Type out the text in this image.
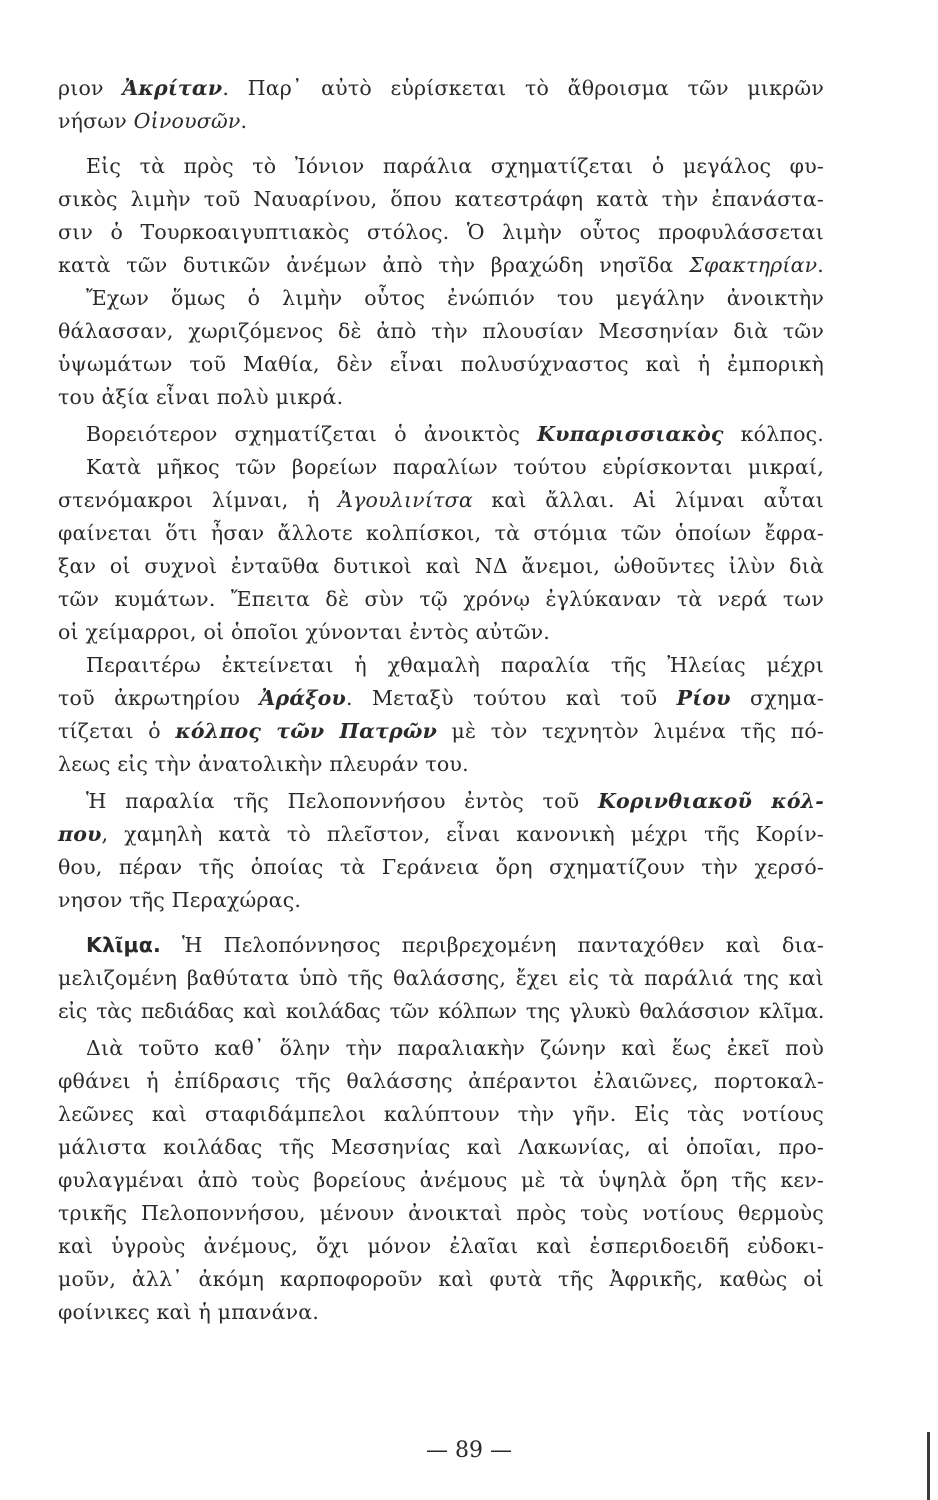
ριον Ἀκρίταν. Παρ᾿ αὐτὸ εὑρίσκεται τὸ ἄθροισμα τῶν μικρῶν
νήσων Οἰνουσῶν.
Εἰς τὰ πρὸς τὸ Ἰόνιον παράλια σχηματίζεται ὁ μεγάλος φυ-
σικὸς λιμὴν τοῦ Ναυαρίνου, ὅπου κατεστράφη κατὰ τὴν ἐπανάστα-
σιν ὁ Τουρκοαιγυπτιακὸς στόλος. Ὁ λιμὴν οὗτος προφυλάσσεται
κατὰ τῶν δυτικῶν ἀνέμων ἀπὸ τὴν βραχώδη νησῖδα Σφακτηρίαν.
Ἔχων ὅμως ὁ λιμὴν οὗτος ἐνώπιόν του μεγάλην ἀνοικτὴν
θάλασσαν, χωριζόμενος δὲ ἀπὸ τὴν πλουσίαν Μεσσηνίαν διὰ τῶν
ὑψωμάτων τοῦ Μαθία, δὲν εἶναι πολυσύχναστος καὶ ἡ ἐμπορικὴ
του ἀξία εἶναι πολὺ μικρά.
Βορειότερον σχηματίζεται ὁ ἀνοικτὸς Κυπαρισσιακὸς κόλπος.
Κατὰ μῆκος τῶν βορείων παραλίων τούτου εὑρίσκονται μικραί,
στενόμακροι λίμναι, ἡ Ἀγουλινίτσα καὶ ἄλλαι. Αἱ λίμναι αὗται
φαίνεται ὅτι ἦσαν ἄλλοτε κολπίσκοι, τὰ στόμια τῶν ὁποίων ἔφρα-
ξαν οἱ συχνοὶ ἐνταῦθα δυτικοὶ καὶ ΝΔ ἄνεμοι, ὠθοῦντες ἰλὺν διὰ
τῶν κυμάτων. Ἔπειτα δὲ σὺν τῷ χρόνῳ ἐγλύκαναν τὰ νερά των
οἱ χείμαρροι, οἱ ὁποῖοι χύνονται ἐντὸς αὐτῶν.
Περαιτέρω ἐκτείνεται ἡ χθαμαλὴ παραλία τῆς Ἠλείας μέχρι
τοῦ ἀκρωτηρίου Ἀράξου. Μεταξὺ τούτου καὶ τοῦ Ρίου σχημα-
τίζεται ὁ κόλπος τῶν Πατρῶν μὲ τὸν τεχνητὸν λιμένα τῆς πό-
λεως εἰς τὴν ἀνατολικὴν πλευράν του.
Ἡ παραλία τῆς Πελοποννήσου ἐντὸς τοῦ Κορινθιακοῦ κόλ-
που, χαμηλὴ κατὰ τὸ πλεῖστον, εἶναι κανονικὴ μέχρι τῆς Κορίν-
θου, πέραν τῆς ὁποίας τὰ Γεράνεια ὄρη σχηματίζουν τὴν χερσό-
νησον τῆς Περαχώρας.
Κλῖμα. Ἡ Πελοπόννησος περιβρεχομένη πανταχόθεν καὶ δια-
μελιζομένη βαθύτατα ὑπὸ τῆς θαλάσσης, ἔχει εἰς τὰ παράλιά της καὶ
εἰς τὰς πεδιάδας καὶ κοιλάδας τῶν κόλπων της γλυκὺ θαλάσσιον κλῖμα.
Διὰ τοῦτο καθ᾿ ὅλην τὴν παραλιακὴν ζώνην καὶ ἕως ἐκεῖ ποὺ
φθάνει ἡ ἐπίδρασις τῆς θαλάσσης ἀπέραντοι ἐλαιῶνες, πορτοκαλ-
λεῶνες καὶ σταφιδάμπελοι καλύπτουν τὴν γῆν. Εἰς τὰς νοτίους
μάλιστα κοιλάδας τῆς Μεσσηνίας καὶ Λακωνίας, αἱ ὁποῖαι, προ-
φυλαγμέναι ἀπὸ τοὺς βορείους ἀνέμους μὲ τὰ ὑψηλὰ ὄρη τῆς κεν-
τρικῆς Πελοποννήσου, μένουν ἀνοικταὶ πρὸς τοὺς νοτίους θερμοὺς
καὶ ὑγροὺς ἀνέμους, ὄχι μόνον ἐλαῖαι καὶ ἑσπεριδοειδῆ εὐδοκι-
μοῦν, ἀλλ᾿ ἀκόμη καρποφοροῦν καὶ φυτὰ τῆς Ἀφρικῆς, καθὼς οἱ
φοίνικες καὶ ἡ μπανάνα.
— 89 —
